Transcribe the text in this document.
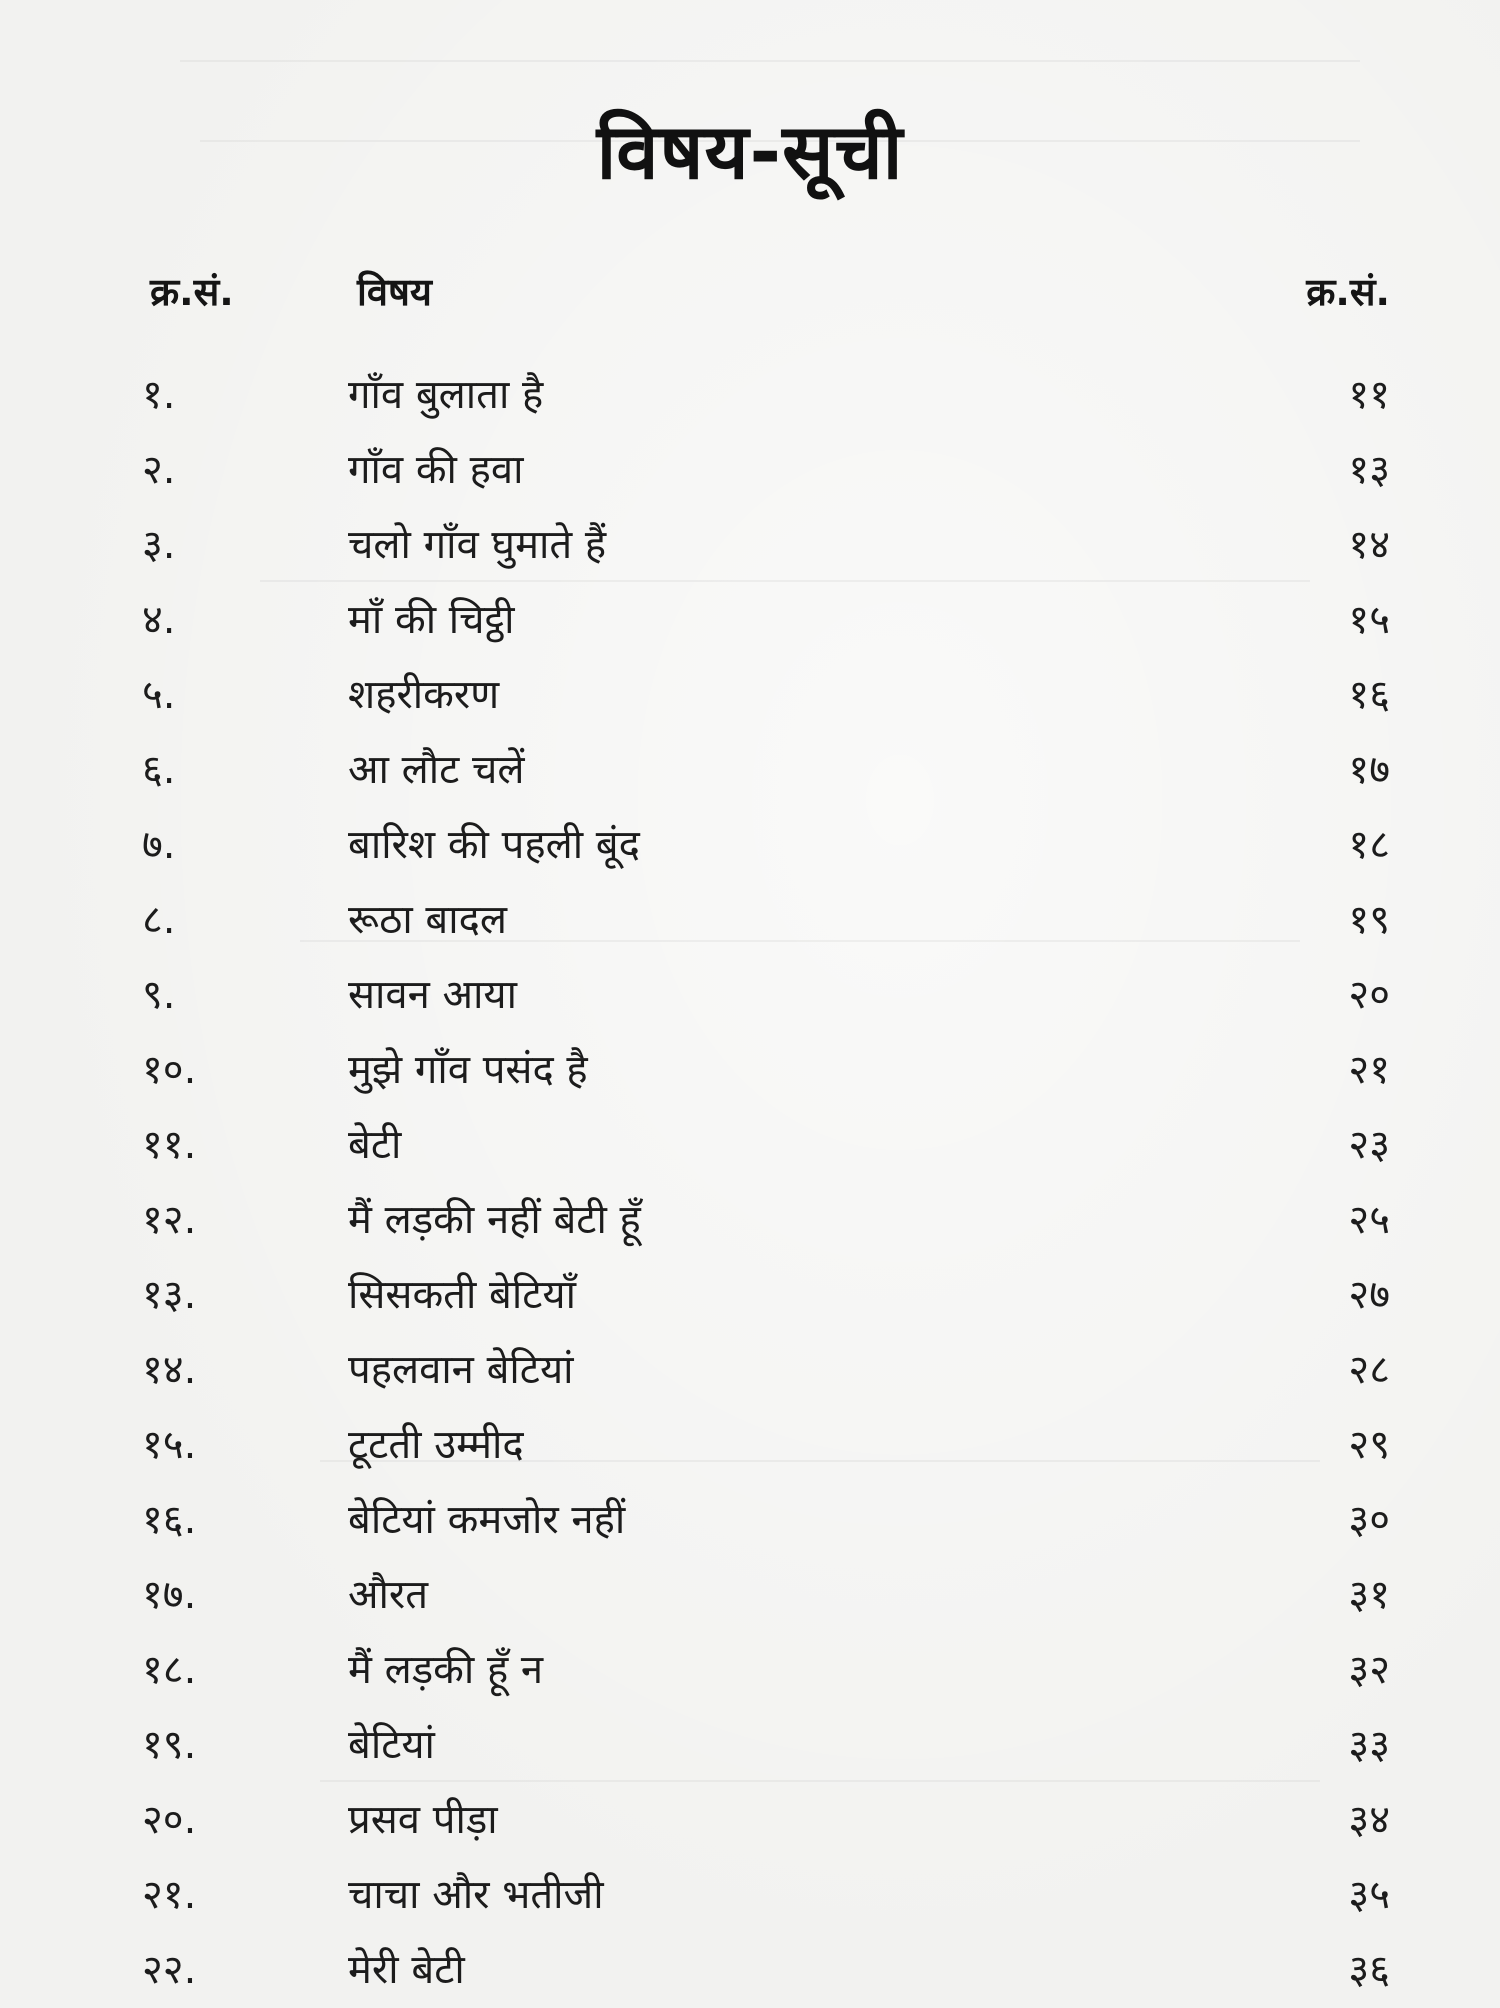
विषय-सूची
क्र.सं.	विषय	क्र.सं.
१.	गाँव बुलाता है	११
२.	गाँव की हवा	१३
३.	चलो गाँव घुमाते हैं	१४
४.	माँ की चिट्ठी	१५
५.	शहरीकरण	१६
६.	आ लौट चलें	१७
७.	बारिश की पहली बूंद	१८
८.	रूठा बादल	१९
९.	सावन आया	२०
१०.	मुझे गाँव पसंद है	२१
११.	बेटी	२३
१२.	मैं लड़की नहीं बेटी हूँ	२५
१३.	सिसकती बेटियाँ	२७
१४.	पहलवान बेटियां	२८
१५.	टूटती उम्मीद	२९
१६.	बेटियां कमजोर नहीं	३०
१७.	औरत	३१
१८.	मैं लड़की हूँ न	३२
१९.	बेटियां	३३
२०.	प्रसव पीड़ा	३४
२१.	चाचा और भतीजी	३५
२२.	मेरी बेटी	३६
